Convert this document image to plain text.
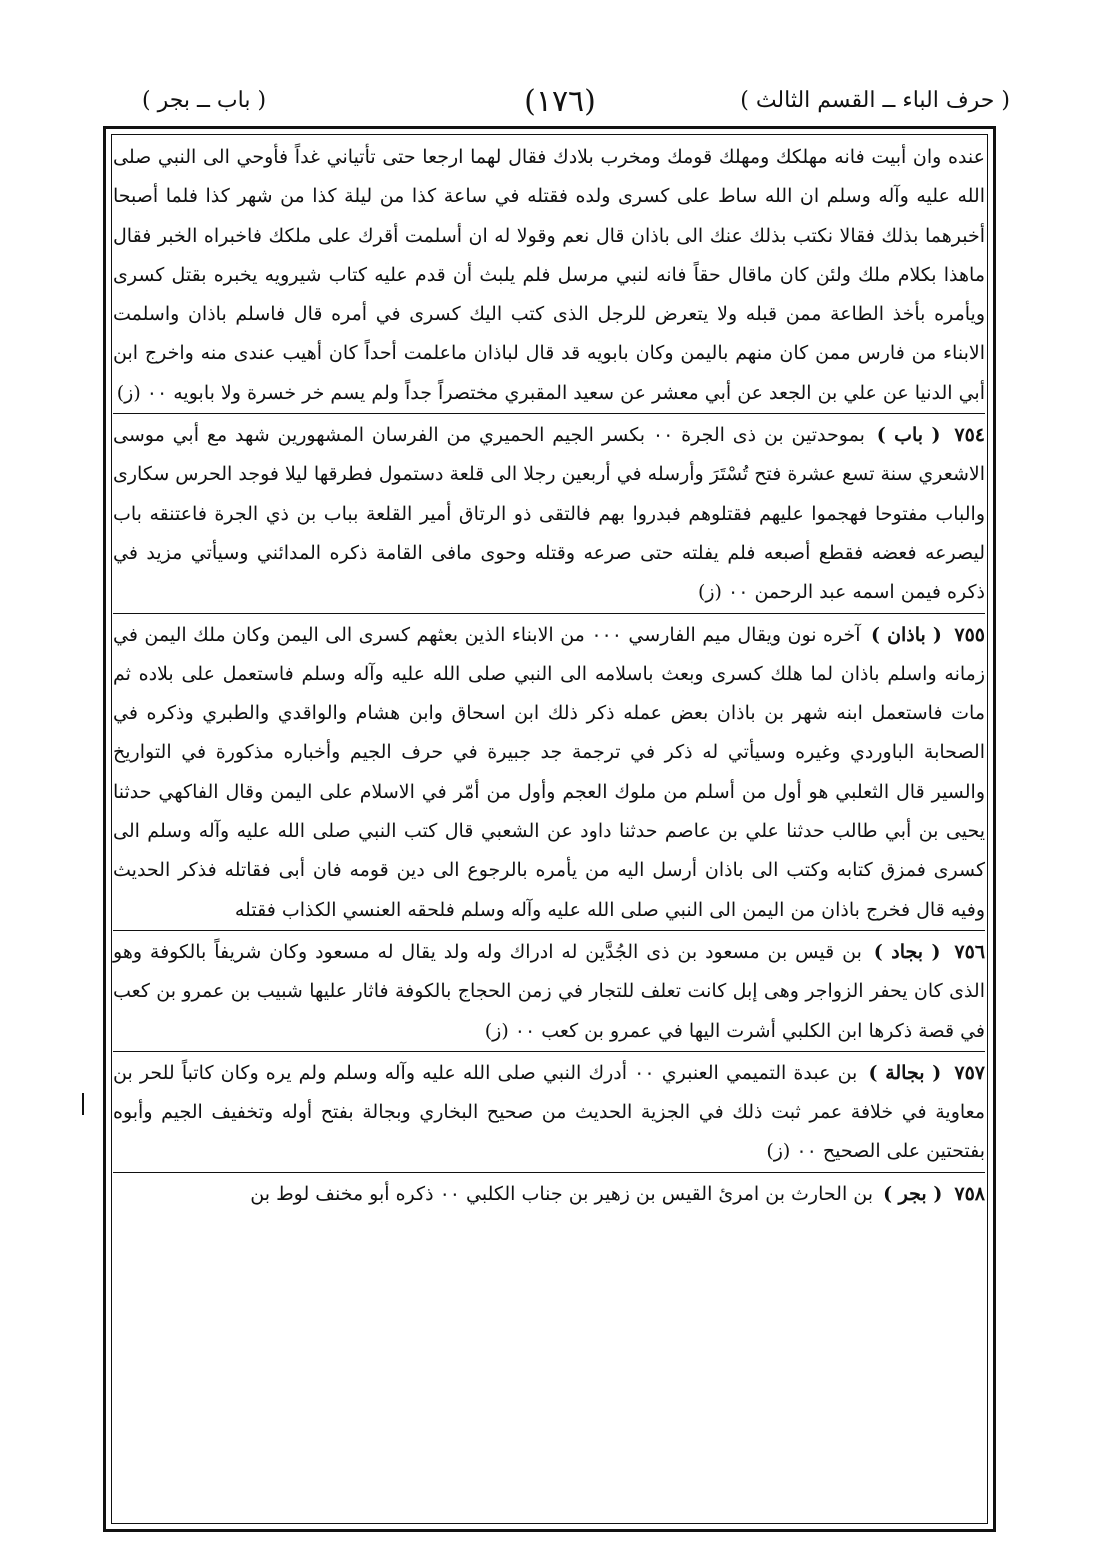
( حرف الباء ــ القسم الثالث )
(١٧٦)
( باب ــ بجر )

عنده وان أبيت فانه مهلكك ومهلك قومك ومخرب بلادك فقال لهما ارجعا حتى تأتياني غداً فأوحي الى النبي صلى الله عليه وآله وسلم ان الله ساط على كسرى ولده فقتله في ساعة كذا من ليلة كذا من شهر كذا فلما أصبحا أخبرهما بذلك فقالا نكتب بذلك عنك الى باذان قال نعم وقولا له ان أسلمت أقرك على ملكك فاخبراه الخبر فقال ماهذا بكلام ملك ولئن كان ماقال حقاً فانه لنبي مرسل فلم يلبث أن قدم عليه كتاب شيرويه يخبره بقتل كسرى ويأمره بأخذ الطاعة ممن قبله ولا يتعرض للرجل الذى كتب اليك كسرى في أمره قال فاسلم باذان واسلمت الابناء من فارس ممن كان منهم باليمن وكان بابويه قد قال لباذان ماعلمت أحداً كان أهيب عندى منه واخرج ابن أبي الدنيا عن علي بن الجعد عن أبي معشر عن سعيد المقبري مختصراً جداً ولم يسم خر خسرة ولا بابويه ٠٠ (ز)

٧٥٤ ( باب ) بموحدتين بن ذى الجرة ٠٠ بكسر الجيم الحميري من الفرسان المشهورين شهد مع أبي موسى الاشعري سنة تسع عشرة فتح تُسْتَرَ وأرسله في أربعين رجلا الى قلعة دستمول فطرقها ليلا فوجد الحرس سكارى والباب مفتوحا فهجموا عليهم فقتلوهم فبدروا بهم فالتقى ذو الرتاق أمير القلعة بباب بن ذي الجرة فاعتنقه باب ليصرعه فعضه فقطع أصبعه فلم يفلته حتى صرعه وقتله وحوى مافى القامة ذكره المدائني وسيأتي مزيد في ذكره فيمن اسمه عبد الرحمن ٠٠ (ز)

٧٥٥ ( باذان ) آخره نون ويقال ميم الفارسي ٠٠٠ من الابناء الذين بعثهم كسرى الى اليمن وكان ملك اليمن في زمانه واسلم باذان لما هلك كسرى وبعث باسلامه الى النبي صلى الله عليه وآله وسلم فاستعمل على بلاده ثم مات فاستعمل ابنه شهر بن باذان بعض عمله ذكر ذلك ابن اسحاق وابن هشام والواقدي والطبري وذكره في الصحابة الباوردي وغيره وسيأتي له ذكر في ترجمة جد جبيرة في حرف الجيم وأخباره مذكورة في التواريخ والسير قال الثعلبي هو أول من أسلم من ملوك العجم وأول من أمّر في الاسلام على اليمن وقال الفاكهي حدثنا يحيى بن أبي طالب حدثنا علي بن عاصم حدثنا داود عن الشعبي قال كتب النبي صلى الله عليه وآله وسلم الى كسرى فمزق كتابه وكتب الى باذان أرسل اليه من يأمره بالرجوع الى دين قومه فان أبى فقاتله فذكر الحديث وفيه قال فخرج باذان من اليمن الى النبي صلى الله عليه وآله وسلم فلحقه العنسي الكذاب فقتله

٧٥٦ ( بجاد ) بن قيس بن مسعود بن ذى الجُدَّين له ادراك وله ولد يقال له مسعود وكان شريفاً بالكوفة وهو الذى كان يحفر الزواجر وهى إبل كانت تعلف للتجار في زمن الحجاج بالكوفة فاثار عليها شبيب بن عمرو بن كعب في قصة ذكرها ابن الكلبي أشرت اليها في عمرو بن كعب ٠٠ (ز)

٧٥٧ ( بجالة ) بن عبدة التميمي العنبري ٠٠ أدرك النبي صلى الله عليه وآله وسلم ولم يره وكان كاتباً للحر بن معاوية في خلافة عمر ثبت ذلك في الجزية الحديث من صحيح البخاري وبجالة بفتح أوله وتخفيف الجيم وأبوه بفتحتين على الصحيح ٠٠ (ز)

٧٥٨ ( بجر ) بن الحارث بن امرئ القيس بن زهير بن جناب الكلبي ٠٠ ذكره أبو مخنف لوط بن
